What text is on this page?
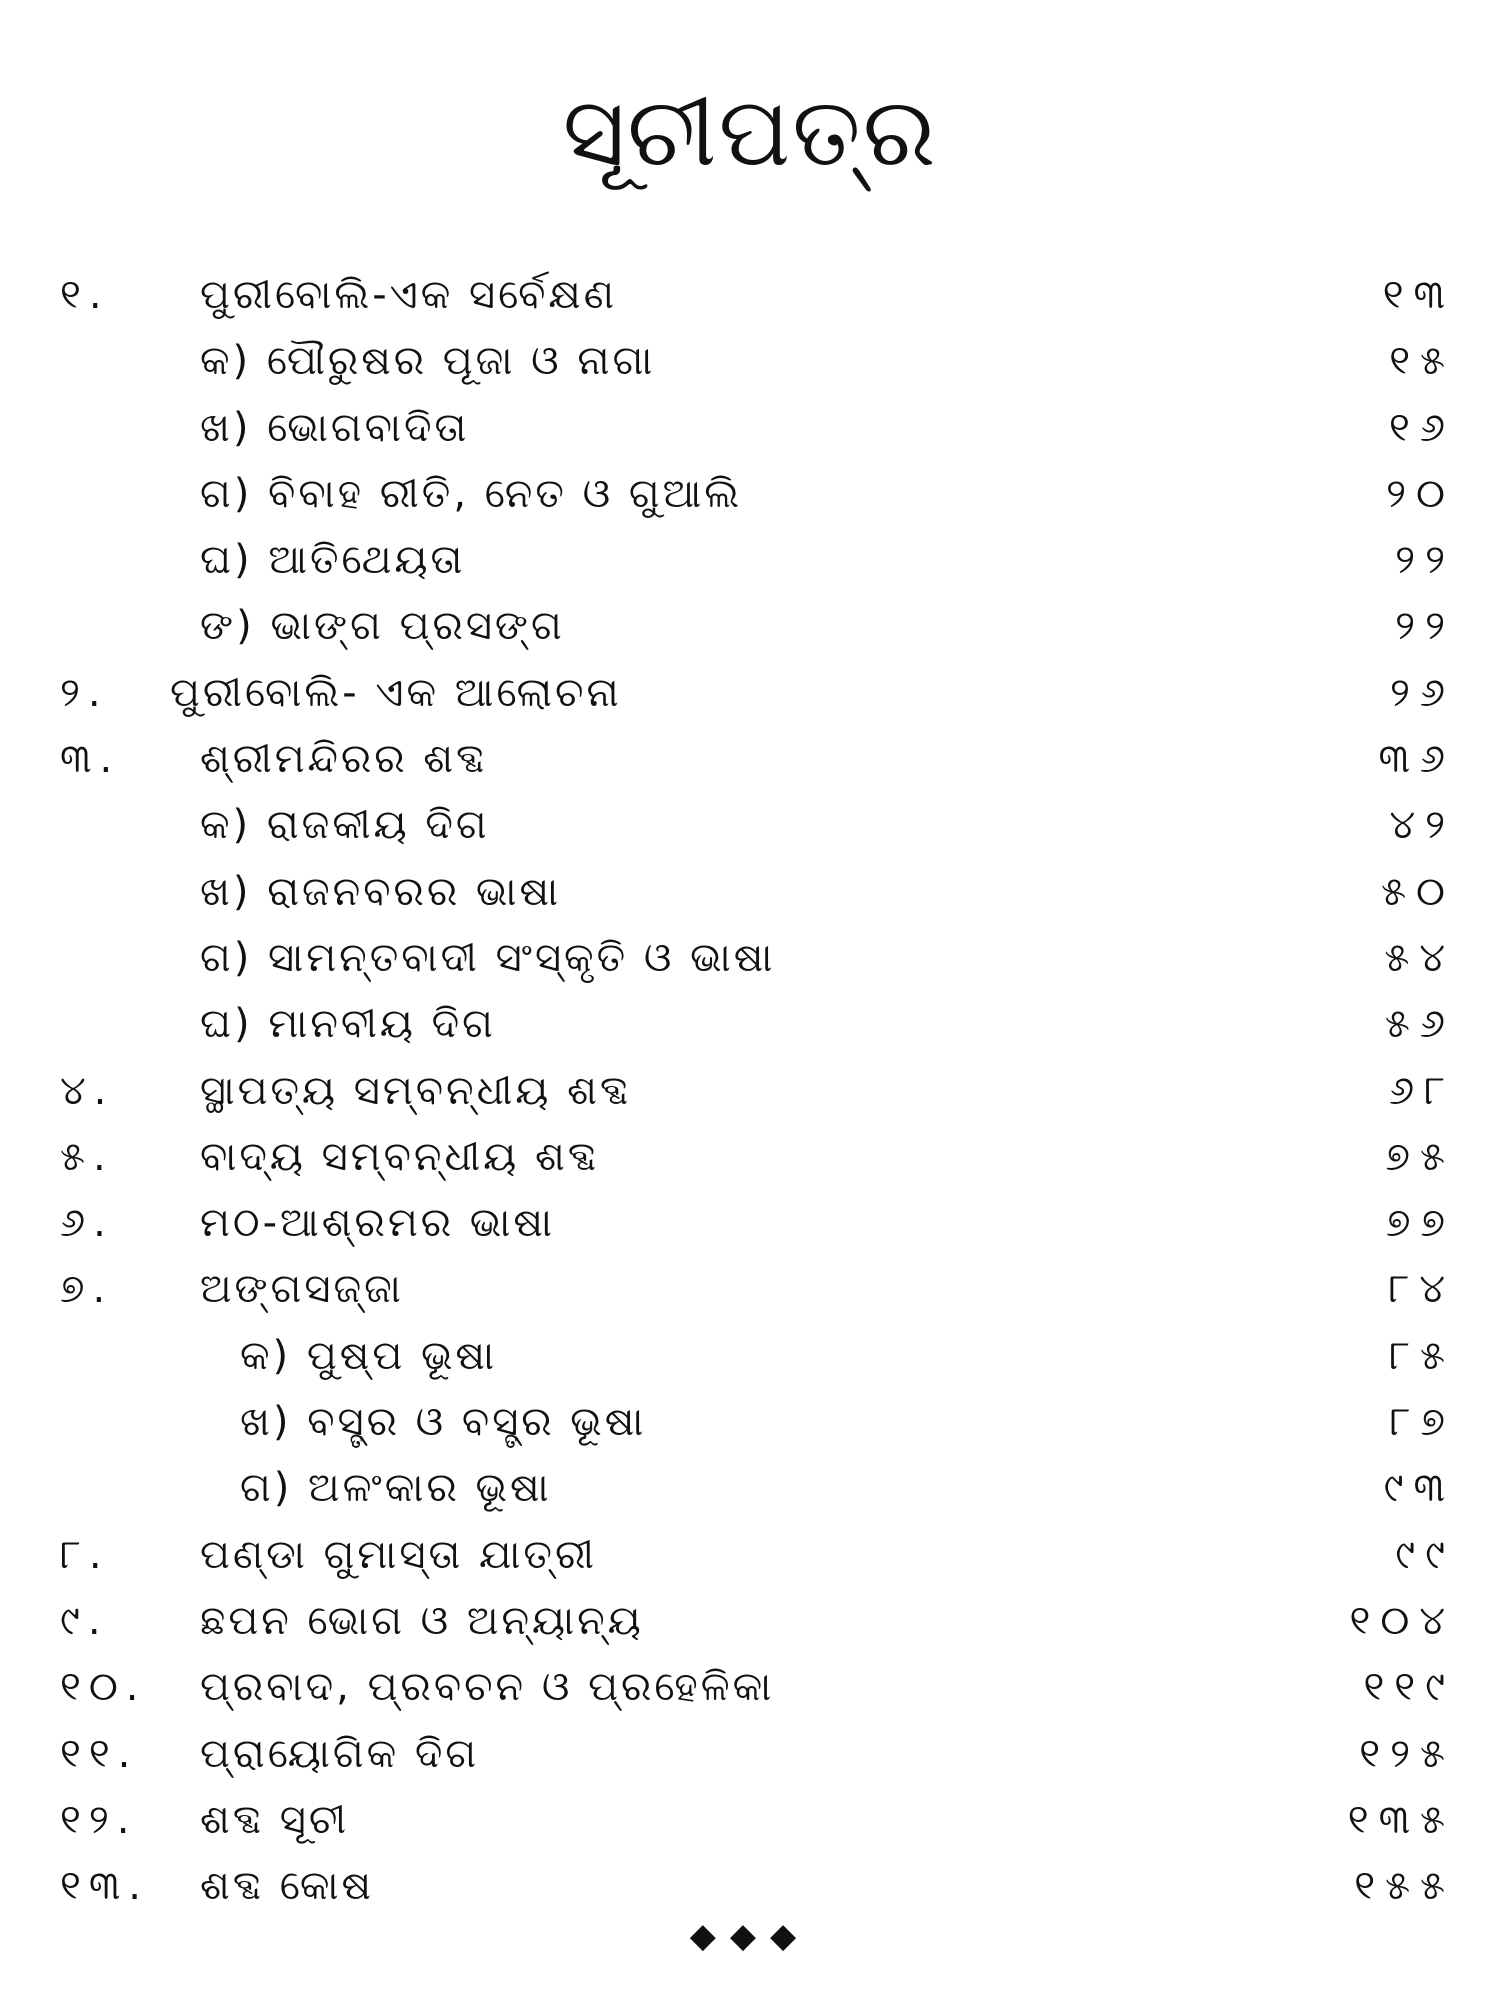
ସୂଚୀପତ୍ର
୧. ପୁରୀବୋଲି-ଏକ ସର୍ବେକ୍ଷଣ	୧୩
କ) ପୌରୁଷର ପୂଜା ଓ ନାଗା	୧୫
ଖ) ଭୋଗବାଦିତା	୧୬
ଗ) ବିବାହ ରୀତି, ନେତ ଓ ଗୁଆଲି	୨୦
ଘ) ଆତିଥେୟତା	୨୨
ଙ) ଭାଙ୍ଗ ପ୍ରସଙ୍ଗ	୨୨
୨. ପୁରୀବୋଲି- ଏକ ଆଲୋଚନା	୨୬
୩. ଶ୍ରୀମନ୍ଦିରର ଶବ୍ଦ	୩୬
କ) ରାଜକୀୟ ଦିଗ	୪୨
ଖ) ରାଜନବରର ଭାଷା	୫୦
ଗ) ସାମନ୍ତବାଦୀ ସଂସ୍କୃତି ଓ ଭାଷା	୫୪
ଘ) ମାନବୀୟ ଦିଗ	୫୬
୪. ସ୍ଥାପତ୍ୟ ସମ୍ବନ୍ଧୀୟ ଶବ୍ଦ	୬୮
୫. ବାଦ୍ୟ ସମ୍ବନ୍ଧୀୟ ଶବ୍ଦ	୭୫
୬. ମଠ-ଆଶ୍ରମର ଭାଷା	୭୭
୭. ଅଙ୍ଗସଜ୍ଜା	୮୪
କ) ପୁଷ୍ପ ଭୂଷା	୮୫
ଖ) ବସ୍ତ୍ର ଓ ବସ୍ତ୍ର ଭୂଷା	୮୭
ଗ) ଅଳଂକାର ଭୂଷା	୯୩
୮. ପଣ୍ଡା ଗୁମାସ୍ତା ଯାତ୍ରୀ	୯୯
୯. ଛପନ ଭୋଗ ଓ ଅନ୍ୟାନ୍ୟ	୧୦୪
୧୦. ପ୍ରବାଦ, ପ୍ରବଚନ ଓ ପ୍ରହେଳିକା	୧୧୯
୧୧. ପ୍ରାୟୋଗିକ ଦିଗ	୧୨୫
୧୨. ଶବ୍ଦ ସୂଚୀ	୧୩୫
୧୩. ଶବ୍ଦ କୋଷ	୧୫୫
◆◆◆
